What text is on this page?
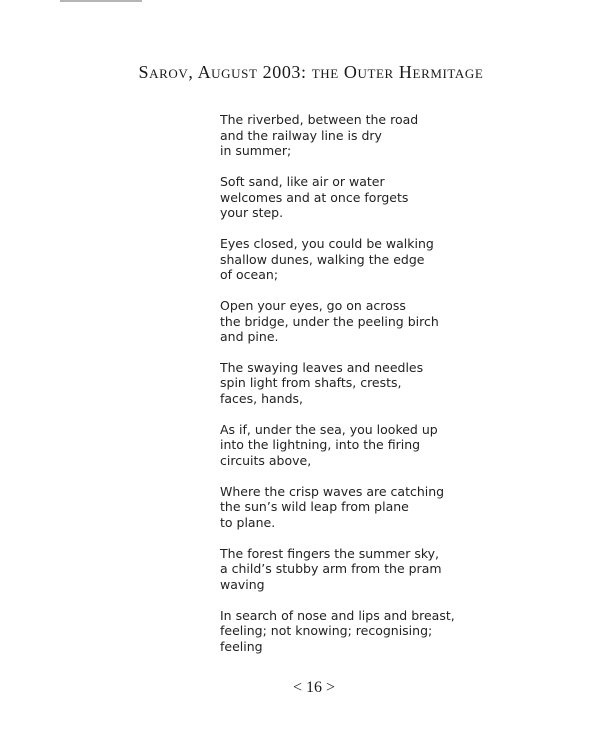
Sarov, August 2003: the Outer Hermitage
The riverbed, between the road
and the railway line is dry
in summer;
Soft sand, like air or water
welcomes and at once forgets
your step.
Eyes closed, you could be walking
shallow dunes, walking the edge
of ocean;
Open your eyes, go on across
the bridge, under the peeling birch
and pine.
The swaying leaves and needles
spin light from shafts, crests,
faces, hands,
As if, under the sea, you looked up
into the lightning, into the firing
circuits above,
Where the crisp waves are catching
the sun’s wild leap from plane
to plane.
The forest fingers the summer sky,
a child’s stubby arm from the pram
waving
In search of nose and lips and breast,
feeling; not knowing; recognising;
feeling
< 16 >
